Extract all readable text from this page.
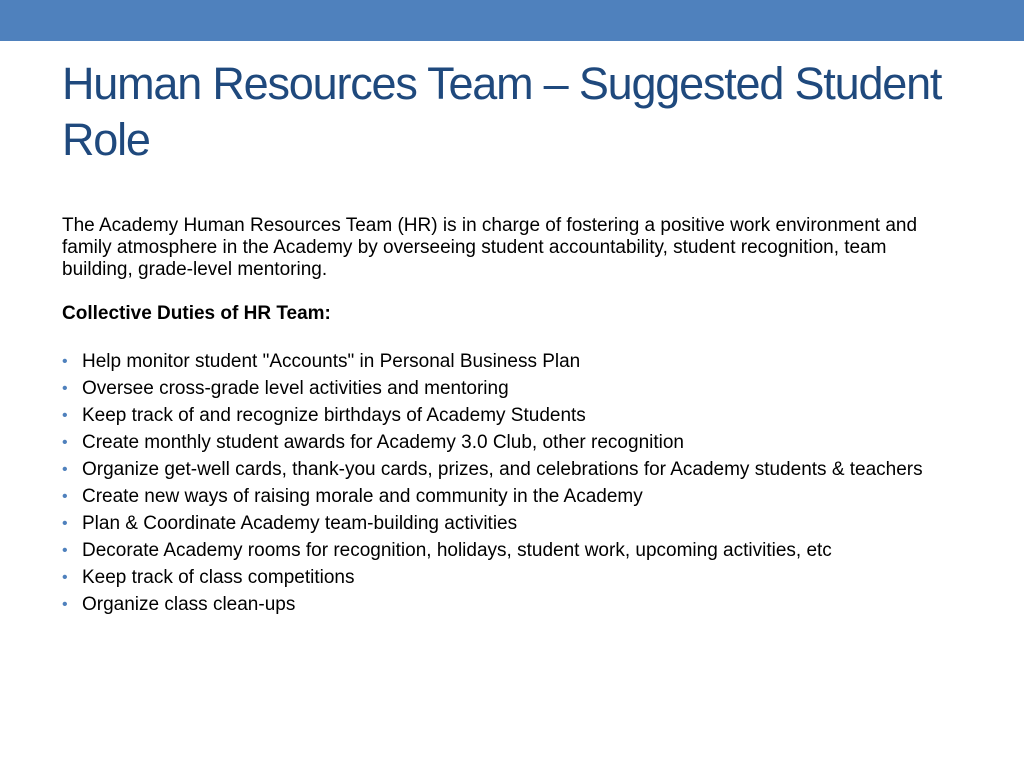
Human Resources Team – Suggested Student Role

The Academy Human Resources Team (HR) is in charge of fostering a positive work environment and family atmosphere in the Academy by overseeing student accountability, student recognition, team building, grade-level mentoring.

Collective Duties of HR Team:

• Help monitor student "Accounts" in Personal Business Plan
• Oversee cross-grade level activities and mentoring
• Keep track of and recognize birthdays of Academy Students
• Create monthly student awards for Academy 3.0 Club, other recognition
• Organize get-well cards, thank-you cards, prizes, and celebrations for Academy students & teachers
• Create new ways of raising morale and community in the Academy
• Plan & Coordinate Academy team-building activities
• Decorate Academy rooms for recognition, holidays, student work, upcoming activities, etc
• Keep track of class competitions
• Organize class clean-ups
